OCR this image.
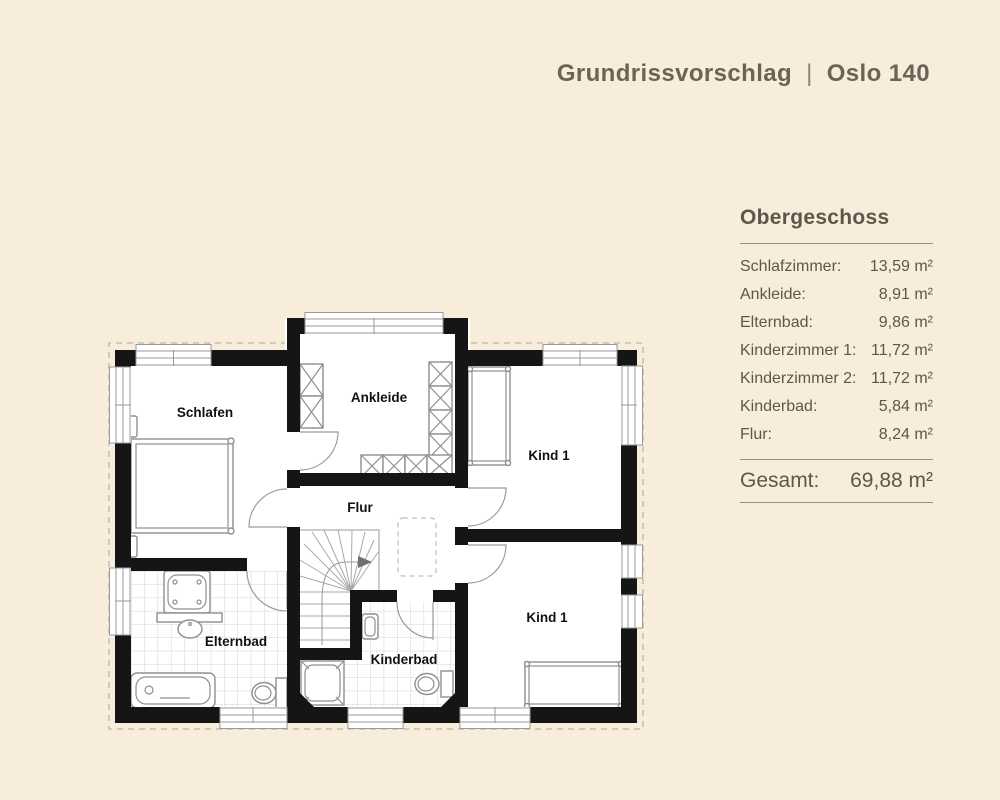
Schlafen
Ankleide
Kind 1
Flur
Elternbad
Kinderbad
Kind 1
Grundrissvorschlag | Oslo 140
Obergeschoss
Schlafzimmer: 13,59 m²
Ankleide:	8,91 m²
Elternbad:	9,86 m²
Kinderzimmer 1: 11,72 m²
Kinderzimmer 2: 11,72 m²
Kinderbad:	5,84 m²
Flur:	8,24 m²
Gesamt: 69,88 m²
